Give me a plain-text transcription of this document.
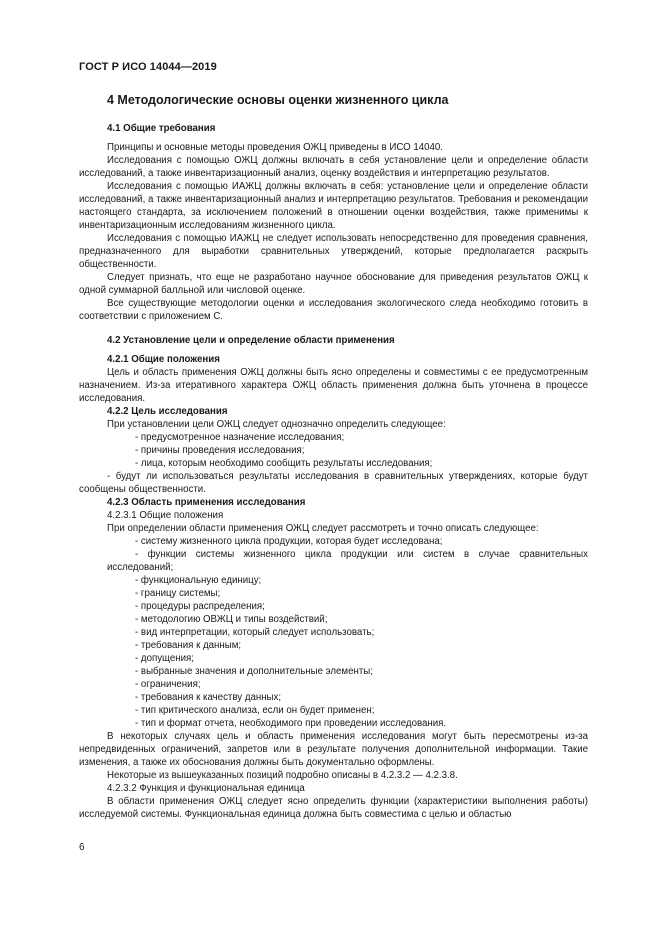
ГОСТ Р ИСО 14044—2019
4 Методологические основы оценки жизненного цикла
4.1 Общие требования

Принципы и основные методы проведения ОЖЦ приведены в ИСО 14040.

Исследования с помощью ОЖЦ должны включать в себя установление цели и определение области исследований, а также инвентаризационный анализ, оценку воздействия и интерпретацию результатов.

Исследования с помощью ИАЖЦ должны включать в себя: установление цели и определение области исследований, а также инвентаризационный анализ и интерпретацию результатов. Требования и рекомендации настоящего стандарта, за исключением положений в отношении оценки воздействия, также применимы к инвентаризационным исследованиям жизненного цикла.

Исследования с помощью ИАЖЦ не следует использовать непосредственно для проведения сравнения, предназначенного для выработки сравнительных утверждений, которые предполагается раскрыть общественности.

Следует признать, что еще не разработано научное обоснование для приведения результатов ОЖЦ к одной суммарной балльной или числовой оценке.

Все существующие методологии оценки и исследования экологического следа необходимо готовить в соответствии с приложением С.

4.2 Установление цели и определение области применения
4.2.1 Общие положения

Цель и область применения ОЖЦ должны быть ясно определены и совместимы с ее предусмотренным назначением. Из-за итеративного характера ОЖЦ область применения должна быть уточнена в процессе исследования.

4.2.2 Цель исследования

При установлении цели ОЖЦ следует однозначно определить следующее:

- предусмотренное назначение исследования;

- причины проведения исследования;

- лица, которым необходимо сообщить результаты исследования;

- будут ли использоваться результаты исследования в сравнительных утверждениях, которые будут сообщены общественности.

4.2.3 Область применения исследования

4.2.3.1 Общие положения

При определении области применения ОЖЦ следует рассмотреть и точно описать следующее:

- систему жизненного цикла продукции, которая будет исследована;

- функции системы жизненного цикла продукции или систем в случае сравнительных исследований;

- функциональную единицу;

- границу системы;

- процедуры распределения;

- методологию ОВЖЦ и типы воздействий;

- вид интерпретации, который следует использовать;

- требования к данным;

- допущения;

- выбранные значения и дополнительные элементы;

- ограничения;

- требования к качеству данных;

- тип критического анализа, если он будет применен;

- тип и формат отчета, необходимого при проведении исследования.

В некоторых случаях цель и область применения исследования могут быть пересмотрены из-за непредвиденных ограничений, запретов или в результате получения дополнительной информации. Такие изменения, а также их обоснования должны быть документально оформлены.

Некоторые из вышеуказанных позиций подробно описаны в 4.2.3.2 — 4.2.3.8.

4.2.3.2 Функция и функциональная единица

В области применения ОЖЦ следует ясно определить функции (характеристики выполнения работы) исследуемой системы. Функциональная единица должна быть совместима с целью и областью

6
